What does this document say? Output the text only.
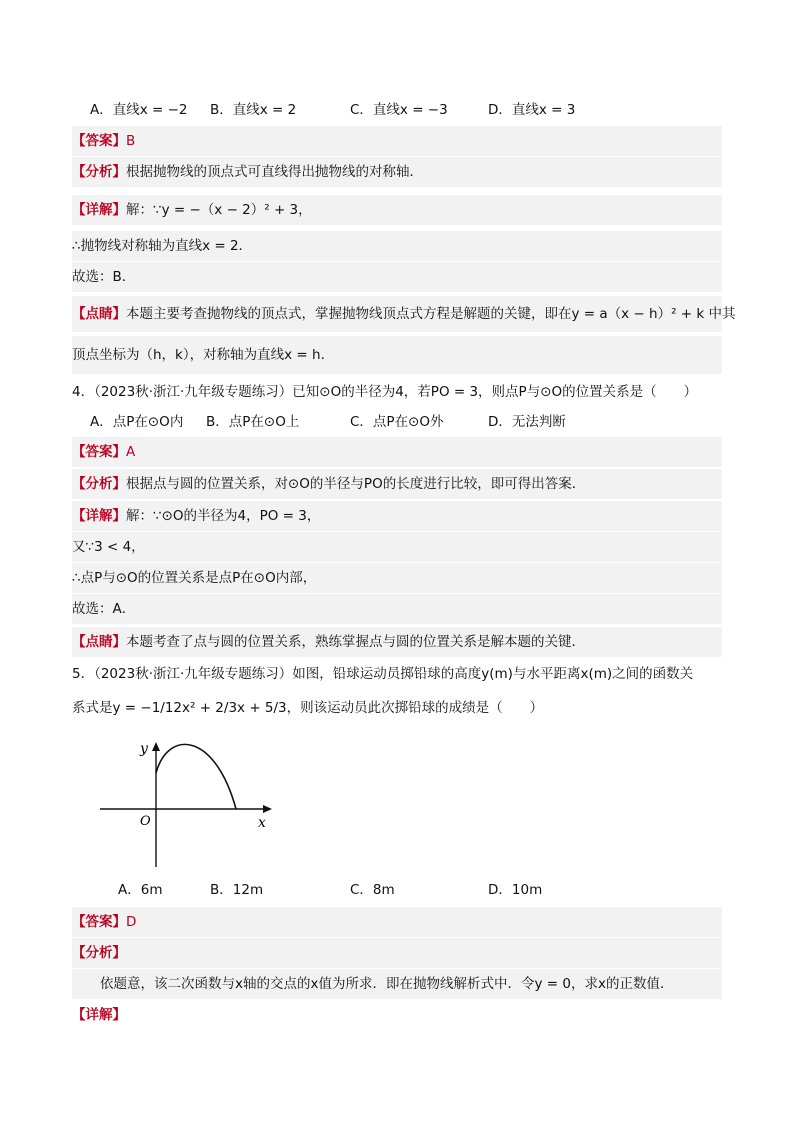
A．直线x = −2 B．直线x = 2	C．直线x = −3	D．直线x = 3
【答案】B
【分析】根据抛物线的顶点式可直线得出抛物线的对称轴．
【详解】解：∵y = −（x − 2）² + 3，
∴抛物线对称轴为直线x = 2．
故选：B．
【点睛】本题主要考查抛物线的顶点式，掌握抛物线顶点式方程是解题的关键，即在y = a（x − h）² + k 中其
顶点坐标为（h，k），对称轴为直线x = h．
4．（2023秋·浙江·九年级专题练习）已知⊙O的半径为4，若PO = 3，则点P与⊙O的位置关系是（　　）
A．点P在⊙O内 B．点P在⊙O上	C．点P在⊙O外	D．无法判断
【答案】A
【分析】根据点与圆的位置关系，对⊙O的半径与PO的长度进行比较，即可得出答案．
【详解】解：∵⊙O的半径为4，PO = 3，
又∵3 < 4，
∴点P与⊙O的位置关系是点P在⊙O内部，
故选：A．
【点睛】本题考查了点与圆的位置关系，熟练掌握点与圆的位置关系是解本题的关键．
5．（2023秋·浙江·九年级专题练习）如图，铅球运动员掷铅球的高度y(m)与水平距离x(m)之间的函数关
系式是y = −1/12x² + 2/3x + 5/3，则该运动员此次掷铅球的成绩是（　　）
y
x
O
A．6m	B．12m	C．8m	D．10m
【答案】D
【分析】
依题意，该二次函数与x轴的交点的x值为所求．即在抛物线解析式中．令y = 0，求x的正数值．
【详解】
